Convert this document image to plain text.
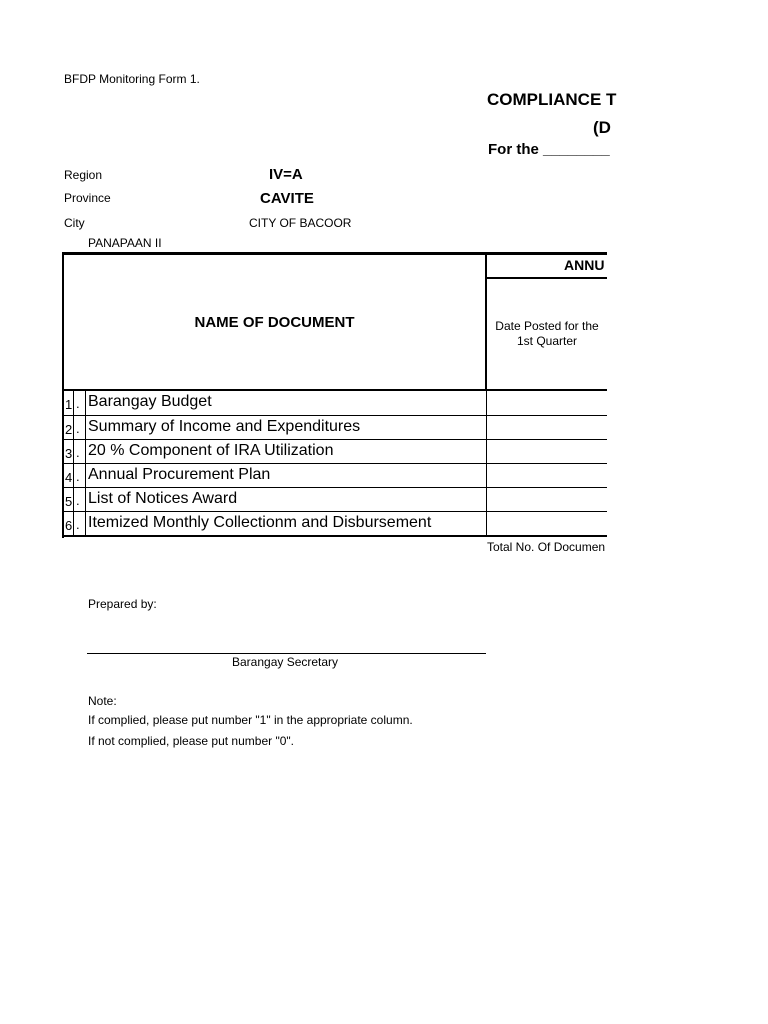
BFDP Monitoring Form 1.
COMPLIANCE T
(D
For the ________
Region
Province
City
IV=A
CAVITE
CITY OF BACOOR
PANAPAAN II
ANNU
NAME OF DOCUMENT	Date Posted for the 1st Quarter
1 . Barangay Budget
2 . Summary of Income and Expenditures
3 . 20 % Component of IRA Utilization
4 . Annual Procurement Plan
5 . List of Notices Award
6 . Itemized Monthly Collectionm and Disbursement
Total No. Of Documen
Prepared by:
Barangay Secretary
Note:
If complied, please put number "1" in the appropriate column.
If not complied, please put number "0".
